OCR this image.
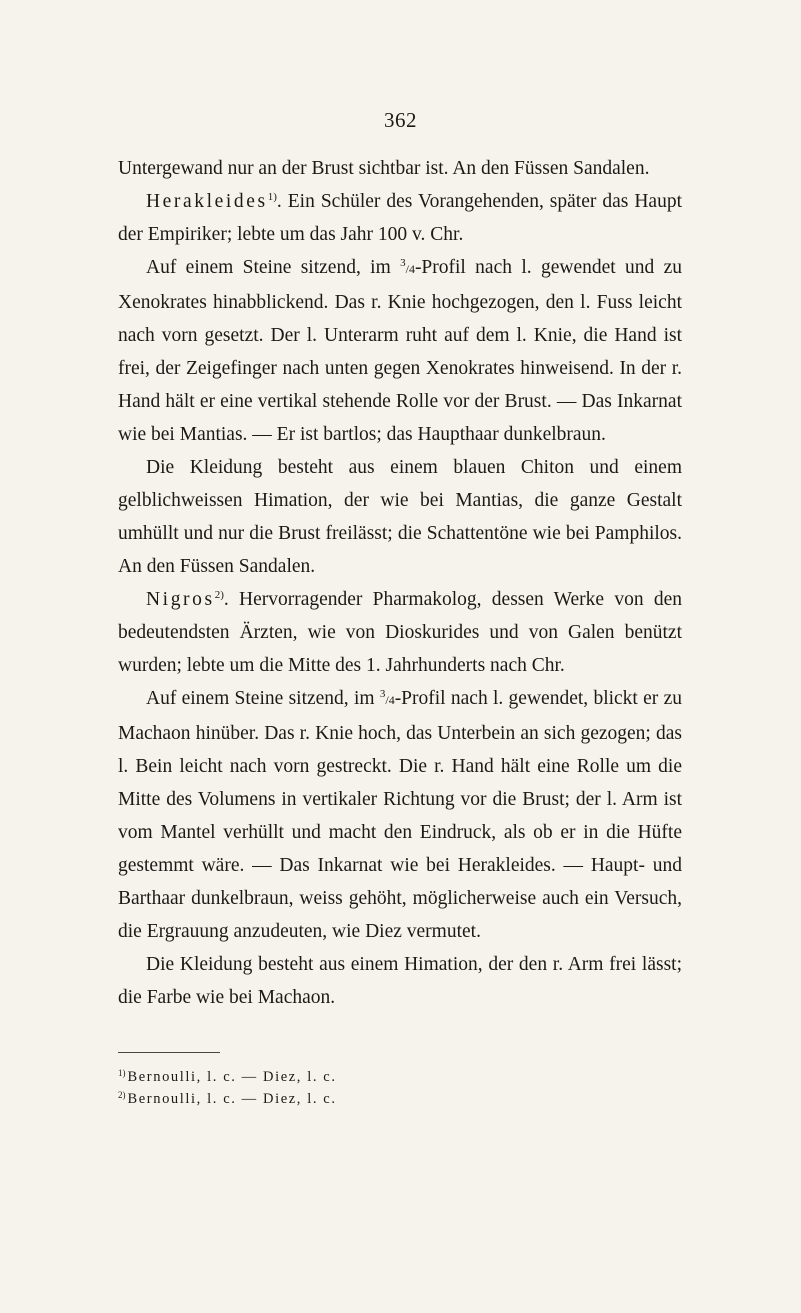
362

Untergewand nur an der Brust sichtbar ist. An den Füssen Sandalen.

Herakleides$^{1)}$. Ein Schüler des Vorangehenden, später das Haupt der Empiriker; lebte um das Jahr 100 v. Chr.

Auf einem Steine sitzend, im $^3$/4-Profil nach l. gewendet und zu Xenokrates hinabblickend. Das r. Knie hochgezogen, den l. Fuss leicht nach vorn gesetzt. Der l. Unterarm ruht auf dem l. Knie, die Hand ist frei, der Zeigefinger nach unten gegen Xenokrates hinweisend. In der r. Hand hält er eine vertikal stehende Rolle vor der Brust. — Das Inkarnat wie bei Mantias. — Er ist bartlos; das Haupthaar dunkelbraun.

Die Kleidung besteht aus einem blauen Chiton und einem gelblichweissen Himation, der wie bei Mantias, die ganze Gestalt umhüllt und nur die Brust freilässt; die Schattentöne wie bei Pamphilos. An den Füssen Sandalen.

Nigros$^{2)}$. Hervorragender Pharmakolog, dessen Werke von den bedeutendsten Ärzten, wie von Dioskurides und von Galen benützt wurden; lebte um die Mitte des 1. Jahrhunderts nach Chr.

Auf einem Steine sitzend, im $^3$/4-Profil nach l. gewendet, blickt er zu Machaon hinüber. Das r. Knie hoch, das Unterbein an sich gezogen; das l. Bein leicht nach vorn gestreckt. Die r. Hand hält eine Rolle um die Mitte des Volumens in vertikaler Richtung vor die Brust; der l. Arm ist vom Mantel verhüllt und macht den Eindruck, als ob er in die Hüfte gestemmt wäre. — Das Inkarnat wie bei Herakleides. — Haupt- und Barthaar dunkelbraun, weiss gehöht, möglicherweise auch ein Versuch, die Ergrauung anzudeuten, wie Diez vermutet.

Die Kleidung besteht aus einem Himation, der den r. Arm frei lässt; die Farbe wie bei Machaon.

$^{1)}$ Bernoulli, l. c. — Diez, l. c.
$^{2)}$ Bernoulli, l. c. — Diez, l. c.
